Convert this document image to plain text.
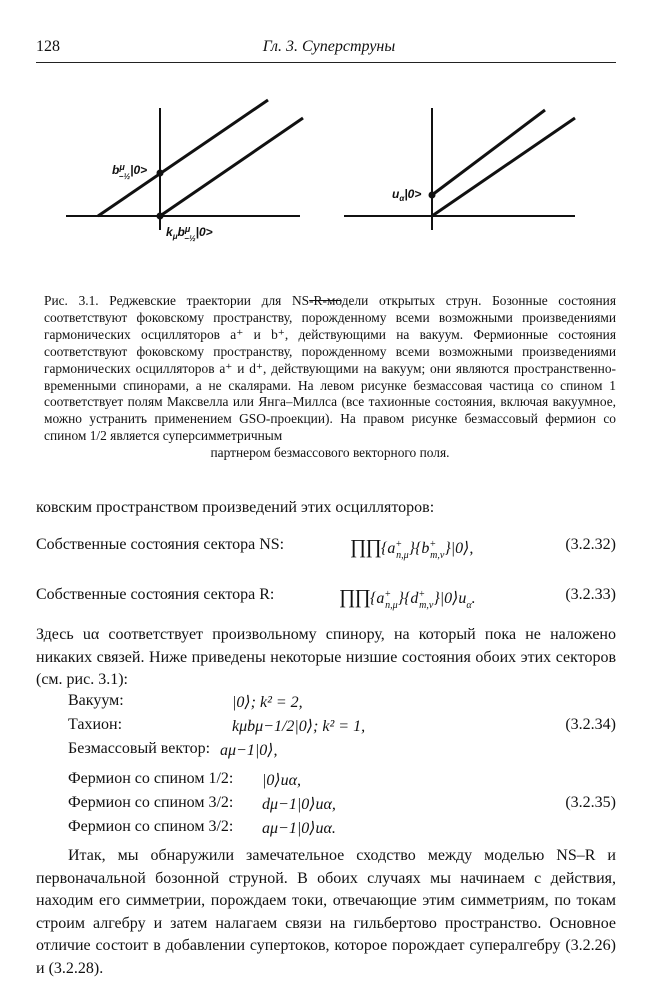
128	Гл. 3. Суперструны
$b^\mu$ −½|0>
$k_\mu b^\mu$ −½|0>
$u_\alpha|0>$
Рис. 3.1. Реджевские траектории для NS-R-модели открытых струн. Бозонные состояния соответствуют фоковскому пространству, порожденному всеми возможными произведениями гармонических осцилляторов a⁺ и b⁺, действующими на вакуум. Фермионные состояния соответствуют фоковскому пространству, порожденному всеми возможными произведениями гармонических осцилляторов a⁺ и d⁺, действующими на вакуум; они являются пространственно-временными спинорами, а не скалярами. На левом рисунке безмассовая частица со спином 1 соответствует полям Максвелла или Янга–Миллса (все тахионные состояния, включая вакуумное, можно устранить применением GSO-проекции). На правом рисунке безмассовый фермион со спином 1/2 является суперсимметричным
партнером безмассового векторного поля.
ковским пространством произведений этих осцилляторов:
Собственные состояния сектора NS:	$\prod\prod\{a^+_{n,\mu}\}\{b^+_{m,\nu}\}|0⟩$,	(3.2.32)
Собственные состояния сектора R:	$\prod\prod\{a^+_{n,\mu}\}\{d^+_{m,\nu}\}|0⟩u_\alpha$.	(3.2.33)
Здесь uα соответствует произвольному спинору, на который пока не наложено никаких связей. Ниже приведены некоторые низшие состояния обоих этих секторов (см. рис. 3.1):
Вакуум:	|0⟩; k² = 2,
Тахион:	kμbμ−1/2|0⟩; k² = 1,
Безмассовый вектор: aμ−1|0⟩,
(3.2.34)
Фермион со спином 1/2: |0⟩uα,
Фермион со спином 3/2: dμ−1|0⟩uα,
Фермион со спином 3/2: aμ−1|0⟩uα.
(3.2.35)
Итак, мы обнаружили замечательное сходство между моделью NS–R и первоначальной бозонной струной. В обоих случаях мы начинаем с действия, находим его симметрии, порождаем токи, отвечающие этим симметриям, по токам строим алгебру и затем налагаем связи на гильбертово пространство. Основное отличие состоит в добавлении супертоков, которое порождает супералгебру (3.2.26) и (3.2.28).
